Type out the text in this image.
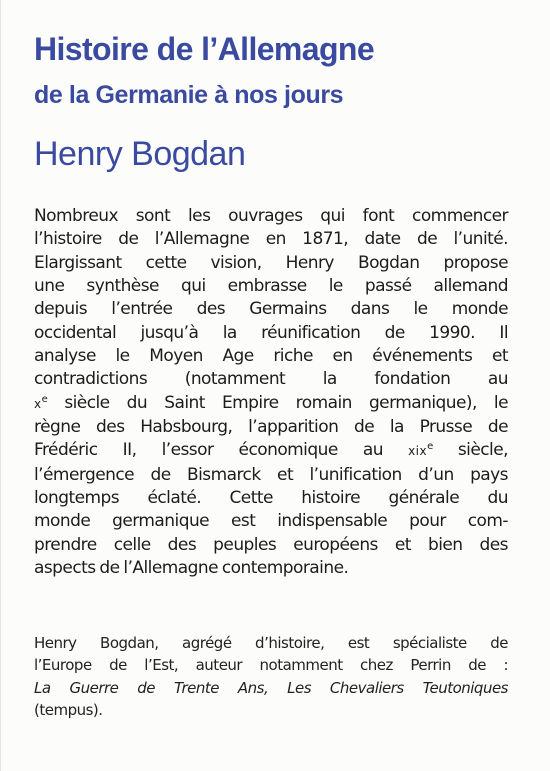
Histoire de l’Allemagne
de la Germanie à nos jours
Henry Bogdan
Nombreux sont les ouvrages qui font commencer
l’histoire de l’Allemagne en 1871, date de l’unité.
Elargissant cette vision, Henry Bogdan propose
une synthèse qui embrasse le passé allemand
depuis l’entrée des Germains dans le monde
occidental jusqu’à la réunification de 1990. Il
analyse le Moyen Age riche en événements et
contradictions (notamment la fondation au
$x^e$ siècle du Saint Empire romain germanique), le
règne des Habsbourg, l’apparition de la Prusse de
Frédéric II, l’essor économique au xix$^e$ siècle,
l’émergence de Bismarck et l’unification d’un pays
longtemps éclaté. Cette histoire générale du
monde germanique est indispensable pour com-
prendre celle des peuples européens et bien des
aspects de l’Allemagne contemporaine.
Henry Bogdan, agrégé d’histoire, est spécialiste de
l’Europe de l’Est, auteur notamment chez Perrin de :
La Guerre de Trente Ans, Les Chevaliers Teutoniques
(tempus).
